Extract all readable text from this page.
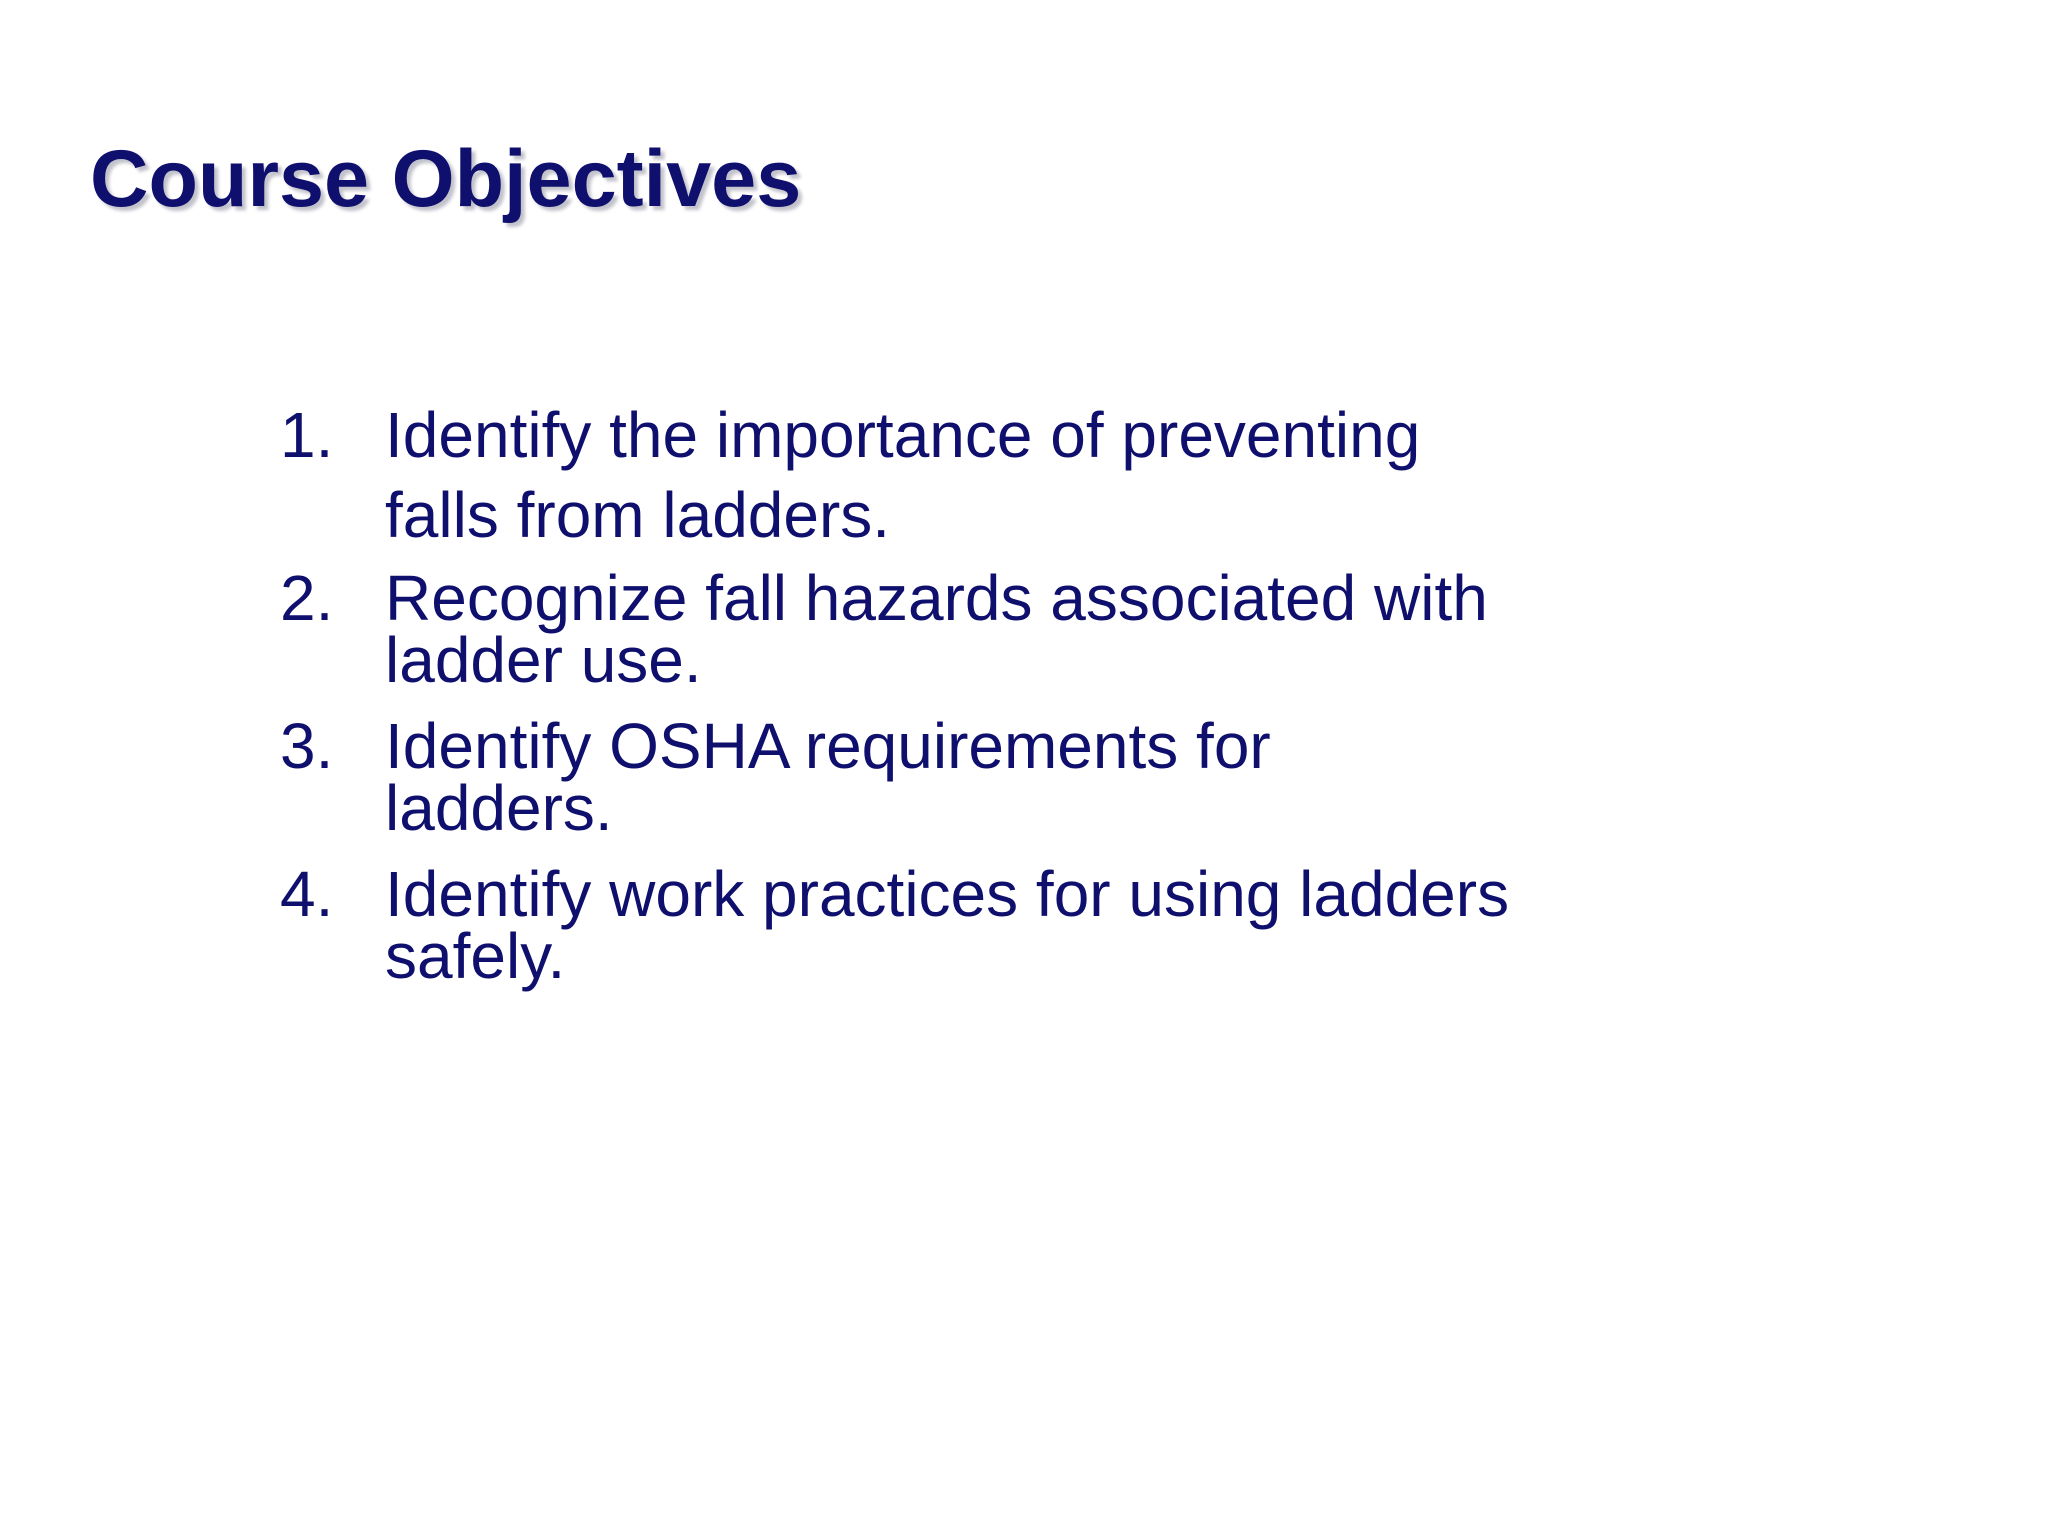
Course Objectives
1. Identify the importance of preventing
falls from ladders.
2. Recognize fall hazards associated with
ladder use.
3. Identify OSHA requirements for
ladders.
4. Identify work practices for using ladders
safely.
